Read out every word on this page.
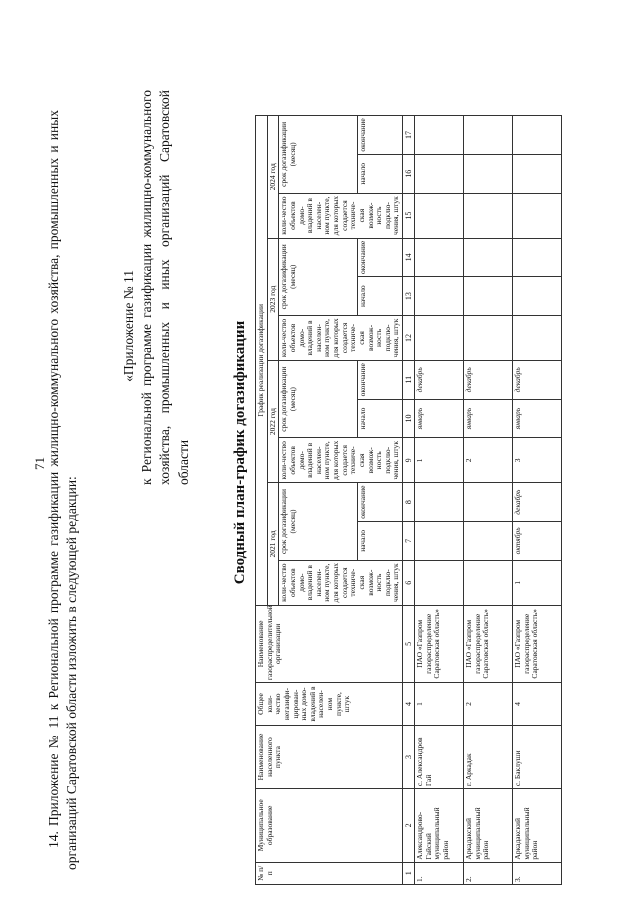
71 14. Приложение № 11 к Региональной программе газификации жилищно-коммунального хозяйства, промышленных и иных организаций Саратовской области изложить в следующей редакции:

«Приложение № 11 к Региональной программе газификации жилищно-коммунального хозяйства, промышленных и иных организаций Саратовской области	Сводный план-график догазификации
№ п/п	Муниципальное образование	Наименование населенного пункта	Общее коли-чество негазифи-цирован-ных домо-владений в населен-ном пункте, штук	Наименование газораспределительной организации	График реализации догазификации											
					2021 год			2022 год			2023 год			2024 год		
					коли-чество объектов домо-владений в населен-ном пункте, для которых создается техниче-ская возмож-ность подклю-чения, штук	срок догазификации (месяц)		коли-чество объектов домо-владений в населен-ном пункте, для которых создается техниче-ская возмож-ность подклю-чения, штук	срок догазификации (месяц)		коли-чество объектов домо-владений в населен-ном пункте, для которых создается техниче-ская возмож-ность подклю-чения, штук	срок догазификации (месяц)		коли-чество объектов домо-владений в населен-ном пункте, для которых создается техниче-ская возмож-ность подклю-чения, штук	срок догазификации (месяц)	
						начало	окончание		начало	окончание		начало	окончание		начало	окончание
1	2	3	4	5	6	7	8	9	10	11	12	13	14	15	16	17
1.	Александрово-Гайский муниципальный район	с. Александров Гай	1	ПАО «Газпром газораспределение Саратовская область»				1	январь	декабрь						
2.	Аркадакский муниципальный район	г. Аркадак	2	ПАО «Газпром газораспределение Саратовская область»				2	январь	декабрь						
3.	Аркадакский муниципальный район	с. Баклуши	4	ПАО «Газпром газораспределение Саратовская область»	1	октябрь	декабрь	3	январь	декабрь						
